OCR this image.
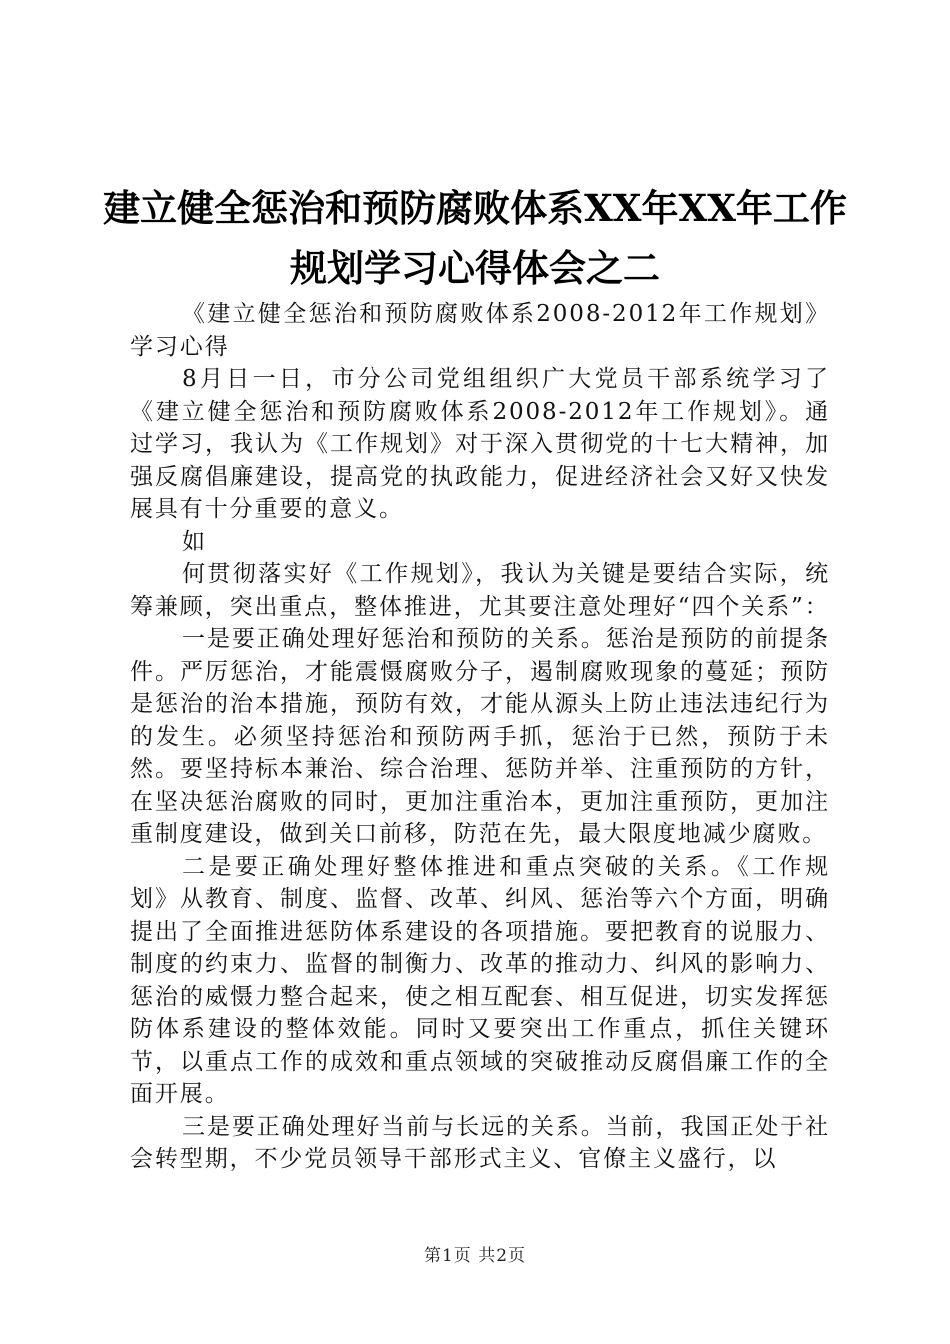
建立健全惩治和预防腐败体系XX年XX年工作
规划学习心得体会之二

《建立健全惩治和预防腐败体系2008-2012年工作规划》学习心得

8月日一日，市分公司党组组织广大党员干部系统学习了《建立健全惩治和预防腐败体系2008-2012年工作规划》。通过学习，我认为《工作规划》对于深入贯彻党的十七大精神，加强反腐倡廉建设，提高党的执政能力，促进经济社会又好又快发展具有十分重要的意义。

如

何贯彻落实好《工作规划》，我认为关键是要结合实际，统筹兼顾，突出重点，整体推进，尤其要注意处理好“四个关系”：

一是要正确处理好惩治和预防的关系。惩治是预防的前提条件。严厉惩治，才能震慑腐败分子，遏制腐败现象的蔓延；预防是惩治的治本措施，预防有效，才能从源头上防止违法违纪行为的发生。必须坚持惩治和预防两手抓，惩治于已然，预防于未然。要坚持标本兼治、综合治理、惩防并举、注重预防的方针，在坚决惩治腐败的同时，更加注重治本，更加注重预防，更加注重制度建设，做到关口前移，防范在先，最大限度地减少腐败。

二是要正确处理好整体推进和重点突破的关系。《工作规划》从教育、制度、监督、改革、纠风、惩治等六个方面，明确提出了全面推进惩防体系建设的各项措施。要把教育的说服力、制度的约束力、监督的制衡力、改革的推动力、纠风的影响力、惩治的威慑力整合起来，使之相互配套、相互促进，切实发挥惩防体系建设的整体效能。同时又要突出工作重点，抓住关键环节，以重点工作的成效和重点领域的突破推动反腐倡廉工作的全面开展。

三是要正确处理好当前与长远的关系。当前，我国正处于社会转型期，不少党员领导干部形式主义、官僚主义盛行，以

第1页 共2页
